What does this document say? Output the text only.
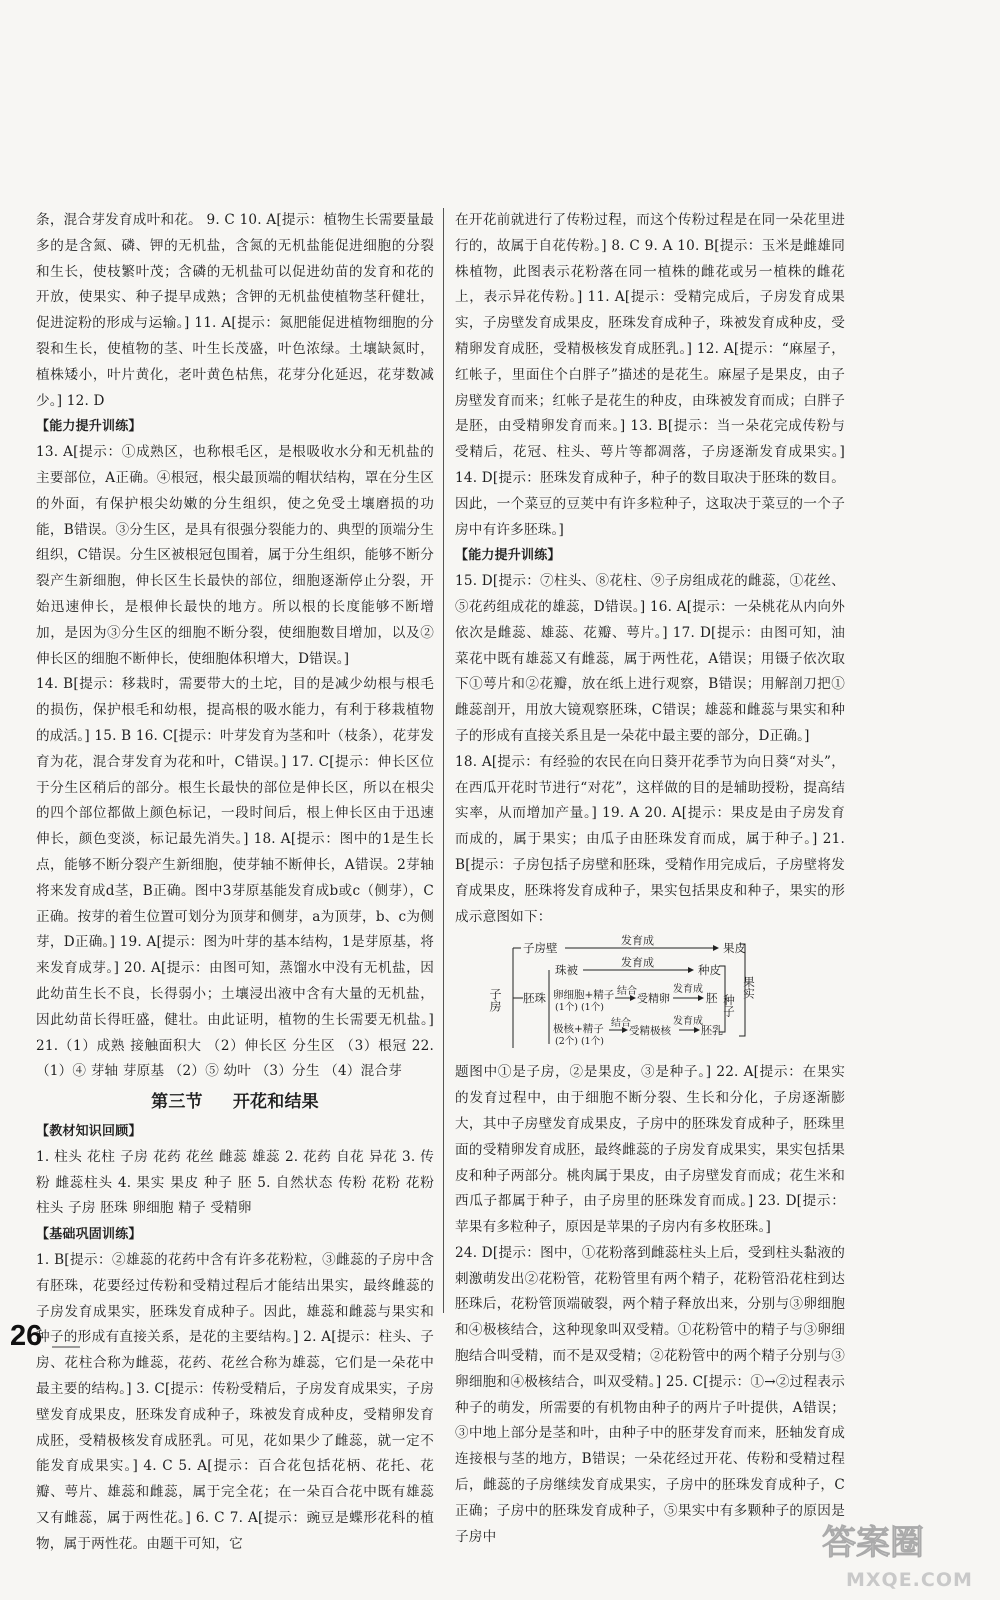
条，混合芽发育成叶和花。 9. C 10. A[提示：植物生长需要量最多的是含氮、磷、钾的无机盐，含氮的无机盐能促进细胞的分裂和生长，使枝繁叶茂；含磷的无机盐可以促进幼苗的发育和花的开放，使果实、种子提早成熟；含钾的无机盐使植物茎秆健壮，促进淀粉的形成与运输。] 11. A[提示：氮肥能促进植物细胞的分裂和生长，使植物的茎、叶生长茂盛，叶色浓绿。土壤缺氮时，植株矮小，叶片黄化，老叶黄色枯焦，花芽分化延迟，花芽数减少。] 12. D

【能力提升训练】

13. A[提示：①成熟区，也称根毛区，是根吸收水分和无机盐的主要部位，A正确。④根冠，根尖最顶端的帽状结构，罩在分生区的外面，有保护根尖幼嫩的分生组织，使之免受土壤磨损的功能，B错误。③分生区，是具有很强分裂能力的、典型的顶端分生组织，C错误。分生区被根冠包围着，属于分生组织，能够不断分裂产生新细胞，伸长区生长最快的部位，细胞逐渐停止分裂，开始迅速伸长，是根伸长最快的地方。所以根的长度能够不断增加，是因为③分生区的细胞不断分裂，使细胞数目增加，以及②伸长区的细胞不断伸长，使细胞体积增大，D错误。]

14. B[提示：移栽时，需要带大的土坨，目的是减少幼根与根毛的损伤，保护根毛和幼根，提高根的吸水能力，有利于移栽植物的成活。] 15. B 16. C[提示：叶芽发育为茎和叶（枝条），花芽发育为花，混合芽发育为花和叶，C错误。] 17. C[提示：伸长区位于分生区稍后的部分。根生长最快的部位是伸长区，所以在根尖的四个部位都做上颜色标记，一段时间后，根上伸长区由于迅速伸长，颜色变淡，标记最先消失。] 18. A[提示：图中的1是生长点，能够不断分裂产生新细胞，使芽轴不断伸长，A错误。2芽轴将来发育成d茎，B正确。图中3芽原基能发育成b或c（侧芽），C正确。按芽的着生位置可划分为顶芽和侧芽，a为顶芽，b、c为侧芽，D正确。] 19. A[提示：图为叶芽的基本结构，1是芽原基，将来发育成芽。] 20. A[提示：由图可知，蒸馏水中没有无机盐，因此幼苗生长不良，长得弱小；土壤浸出液中含有大量的无机盐，因此幼苗长得旺盛，健壮。由此证明，植物的生长需要无机盐。] 21.（1）成熟 接触面积大 （2）伸长区 分生区 （3）根冠 22.（1）④ 芽轴 芽原基 （2）⑤ 幼叶 （3）分生 （4）混合芽

第三节 开花和结果

【教材知识回顾】

1. 柱头 花柱 子房 花药 花丝 雌蕊 雄蕊 2. 花药 自花 异花 3. 传粉 雌蕊柱头 4. 果实 果皮 种子 胚 5. 自然状态 传粉 花粉 花粉 柱头 子房 胚珠 卵细胞 精子 受精卵

【基础巩固训练】

1. B[提示：②雄蕊的花药中含有许多花粉粒，③雌蕊的子房中含有胚珠，花要经过传粉和受精过程后才能结出果实，最终雌蕊的子房发育成果实，胚珠发育成种子。因此，雄蕊和雌蕊与果实和种子的形成有直接关系，是花的主要结构。] 2. A[提示：柱头、子房、花柱合称为雌蕊，花药、花丝合称为雄蕊，它们是一朵花中最主要的结构。] 3. C[提示：传粉受精后，子房发育成果实，子房壁发育成果皮，胚珠发育成种子，珠被发育成种皮，受精卵发育成胚，受精极核发育成胚乳。可见，花如果少了雌蕊，就一定不能发育成果实。] 4. C 5. A[提示：百合花包括花柄、花托、花瓣、萼片、雄蕊和雌蕊，属于完全花；在一朵百合花中既有雄蕊又有雌蕊，属于两性花。] 6. C 7. A[提示：豌豆是蝶形花科的植物，属于两性花。由题干可知，它

在开花前就进行了传粉过程，而这个传粉过程是在同一朵花里进行的，故属于自花传粉。] 8. C 9. A 10. B[提示：玉米是雌雄同株植物，此图表示花粉落在同一植株的雌花或另一植株的雌花上，表示异花传粉。] 11. A[提示：受精完成后，子房发育成果实，子房壁发育成果皮，胚珠发育成种子，珠被发育成种皮，受精卵发育成胚，受精极核发育成胚乳。] 12. A[提示：“麻屋子，红帐子，里面住个白胖子”描述的是花生。麻屋子是果皮，由子房壁发育而来；红帐子是花生的种皮，由珠被发育而成；白胖子是胚，由受精卵发育而来。] 13. B[提示：当一朵花完成传粉与受精后，花冠、柱头、萼片等都凋落，子房逐渐发育成果实。] 14. D[提示：胚珠发育成种子，种子的数目取决于胚珠的数目。因此，一个菜豆的豆荚中有许多粒种子，这取决于菜豆的一个子房中有许多胚珠。]

【能力提升训练】

15. D[提示：⑦柱头、⑧花柱、⑨子房组成花的雌蕊，①花丝、⑤花药组成花的雄蕊，D错误。] 16. A[提示：一朵桃花从内向外依次是雌蕊、雄蕊、花瓣、萼片。] 17. D[提示：由图可知，油菜花中既有雄蕊又有雌蕊，属于两性花，A错误；用镊子依次取下①萼片和②花瓣，放在纸上进行观察，B错误；用解剖刀把①雌蕊剖开，用放大镜观察胚珠，C错误；雄蕊和雌蕊与果实和种子的形成有直接关系且是一朵花中最主要的部分，D正确。]

18. A[提示：有经验的农民在向日葵开花季节为向日葵“对头”，在西瓜开花时节进行“对花”，这样做的目的是辅助授粉，提高结实率，从而增加产量。] 19. A 20. A[提示：果皮是由子房发育而成的，属于果实；由瓜子由胚珠发育而成，属于种子。] 21. B[提示：子房包括子房壁和胚珠，受精作用完成后，子房壁将发育成果皮，胚珠将发育成种子，果实包括果皮和种子，果实的形成示意图如下：

子房
子房壁
发育成
果皮
胚珠
珠被
发育成
种皮
卵细胞+精子
(1个) (1个)
结合
受精卵
发育成
胚 种子
极核+精子
(2个) (1个)
结合
受精极核
发育成
胚乳
果实

题图中①是子房，②是果皮，③是种子。] 22. A[提示：在果实的发育过程中，由于细胞不断分裂、生长和分化，子房逐渐膨大，其中子房壁发育成果皮，子房中的胚珠发育成种子，胚珠里面的受精卵发育成胚，最终雌蕊的子房发育成果实，果实包括果皮和种子两部分。桃肉属于果皮，由子房壁发育而成；花生米和西瓜子都属于种子，由子房里的胚珠发育而成。] 23. D[提示：苹果有多粒种子，原因是苹果的子房内有多枚胚珠。]

24. D[提示：图中，①花粉落到雌蕊柱头上后，受到柱头黏液的刺激萌发出②花粉管，花粉管里有两个精子，花粉管沿花柱到达胚珠后，花粉管顶端破裂，两个精子释放出来，分别与③卵细胞和④极核结合，这种现象叫双受精。①花粉管中的精子与③卵细胞结合叫受精，而不是双受精；②花粉管中的两个精子分别与③卵细胞和④极核结合，叫双受精。] 25. C[提示：①→②过程表示种子的萌发，所需要的有机物由种子的两片子叶提供，A错误；③中地上部分是茎和叶，由种子中的胚芽发育而来，胚轴发育成连接根与茎的地方，B错误；一朵花经过开花、传粉和受精过程后，雌蕊的子房继续发育成果实，子房中的胚珠发育成种子，C正确；子房中的胚珠发育成种子，⑤果实中有多颗种子的原因是子房中

26
答案圈
MXQE.COM
